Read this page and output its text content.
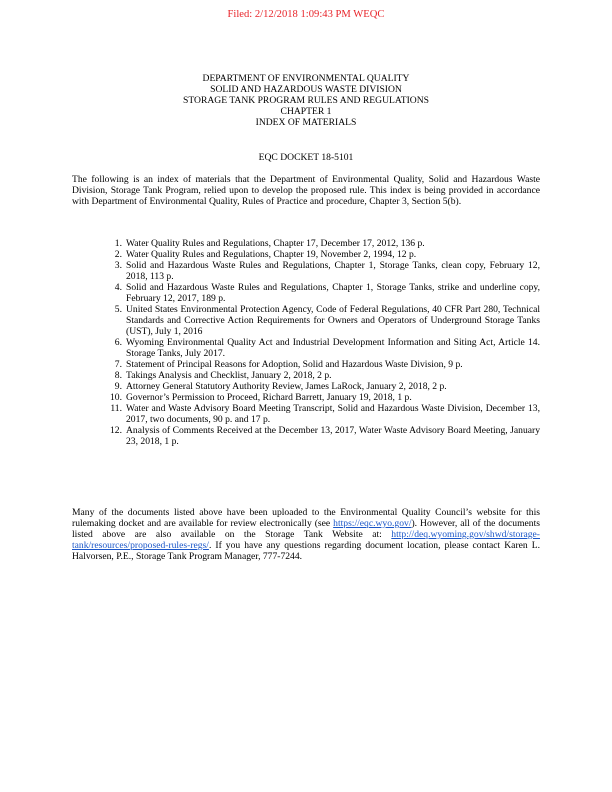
Filed: 2/12/2018 1:09:43 PM WEQC
DEPARTMENT OF ENVIRONMENTAL QUALITY
SOLID AND HAZARDOUS WASTE DIVISION
STORAGE TANK PROGRAM RULES AND REGULATIONS
CHAPTER 1
INDEX OF MATERIALS
EQC DOCKET 18-5101

The following is an index of materials that the Department of Environmental Quality, Solid and Hazardous Waste Division, Storage Tank Program, relied upon to develop the proposed rule. This index is being provided in accordance with Department of Environmental Quality, Rules of Practice and procedure, Chapter 3, Section 5(b).

1. Water Quality Rules and Regulations, Chapter 17, December 17, 2012, 136 p.
2. Water Quality Rules and Regulations, Chapter 19, November 2, 1994, 12 p.
3. Solid and Hazardous Waste Rules and Regulations, Chapter 1, Storage Tanks, clean copy, February 12, 2018, 113 p.
4. Solid and Hazardous Waste Rules and Regulations, Chapter 1, Storage Tanks, strike and underline copy, February 12, 2017, 189 p.
5. United States Environmental Protection Agency, Code of Federal Regulations, 40 CFR Part 280, Technical Standards and Corrective Action Requirements for Owners and Operators of Underground Storage Tanks (UST), July 1, 2016
6. Wyoming Environmental Quality Act and Industrial Development Information and Siting Act, Article 14. Storage Tanks, July 2017.
7. Statement of Principal Reasons for Adoption, Solid and Hazardous Waste Division, 9 p.
8. Takings Analysis and Checklist, January 2, 2018, 2 p.
9. Attorney General Statutory Authority Review, James LaRock, January 2, 2018, 2 p.
10. Governor’s Permission to Proceed, Richard Barrett, January 19, 2018, 1 p.
11. Water and Waste Advisory Board Meeting Transcript, Solid and Hazardous Waste Division, December 13, 2017, two documents, 90 p. and 17 p.
12. Analysis of Comments Received at the December 13, 2017, Water Waste Advisory Board Meeting, January 23, 2018, 1 p.

Many of the documents listed above have been uploaded to the Environmental Quality Council’s website for this rulemaking docket and are available for review electronically (see https://eqc.wyo.gov/). However, all of the documents listed above are also available on the Storage Tank Website at: http://deq.wyoming.gov/shwd/storage-tank/resources/proposed-rules-regs/. If you have any questions regarding document location, please contact Karen L. Halvorsen, P.E., Storage Tank Program Manager, 777-7244.
